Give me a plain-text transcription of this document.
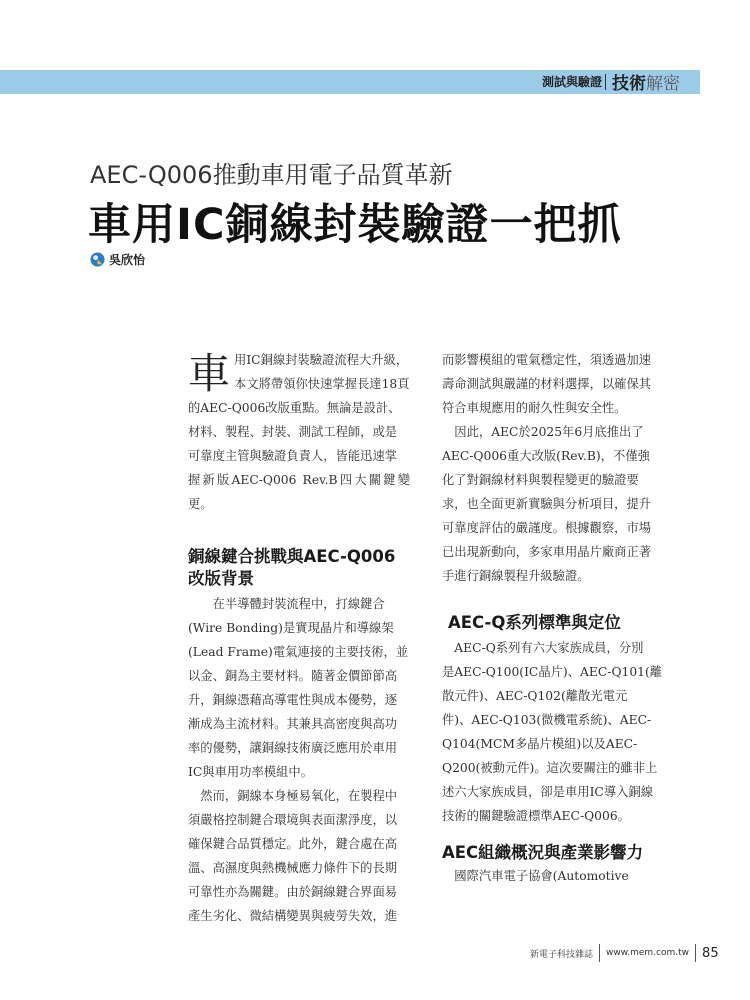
測試與驗證 技術解密
AEC-Q006推動車用電子品質革新
車用IC銅線封裝驗證一把抓
吳欣怡
車 用IC銅線封裝驗證流程大升級，
本文將帶領你快速掌握長達18頁
的AEC-Q006改版重點。無論是設計、
材料、製程、封裝、測試工程師，或是
可靠度主管與驗證負責人，皆能迅速掌
握新版AEC-Q006 Rev.B四大關鍵變更。
銅線鍵合挑戰與AEC-Q006
改版背景
在半導體封裝流程中，打線鍵合
(Wire Bonding)是實現晶片和導線架
(Lead Frame)電氣連接的主要技術，並
以金、銅為主要材料。隨著金價節節高
升，銅線憑藉高導電性與成本優勢，逐
漸成為主流材料。其兼具高密度與高功
率的優勢，讓銅線技術廣泛應用於車用
IC與車用功率模組中。
然而，銅線本身極易氧化，在製程中
須嚴格控制鍵合環境與表面潔淨度，以
確保鍵合品質穩定。此外，鍵合處在高
溫、高濕度與熱機械應力條件下的長期
可靠性亦為關鍵。由於銅線鍵合界面易
產生劣化、微結構變異與疲勞失效，進
而影響模組的電氣穩定性，須透過加速
壽命測試與嚴謹的材料選擇，以確保其
符合車規應用的耐久性與安全性。
因此，AEC於2025年6月底推出了
AEC-Q006重大改版(Rev.B)，不僅強
化了對銅線材料與製程變更的驗證要
求，也全面更新實驗與分析項目，提升
可靠度評估的嚴謹度。根據觀察，市場
已出現新動向，多家車用晶片廠商正著
手進行銅線製程升級驗證。
AEC-Q系列標準與定位
AEC-Q系列有六大家族成員，分別
是AEC-Q100(IC晶片)、AEC-Q101(離
散元件)、AEC-Q102(離散光電元
件)、AEC-Q103(微機電系統)、AEC-
Q104(MCM多晶片模組)以及AEC-
Q200(被動元件)。這次要關注的雖非上
述六大家族成員，卻是車用IC導入銅線
技術的關鍵驗證標準AEC-Q006。
AEC組織概況與產業影響力
國際汽車電子協會(Automotive
新電子科技雜誌 www.mem.com.tw 85
